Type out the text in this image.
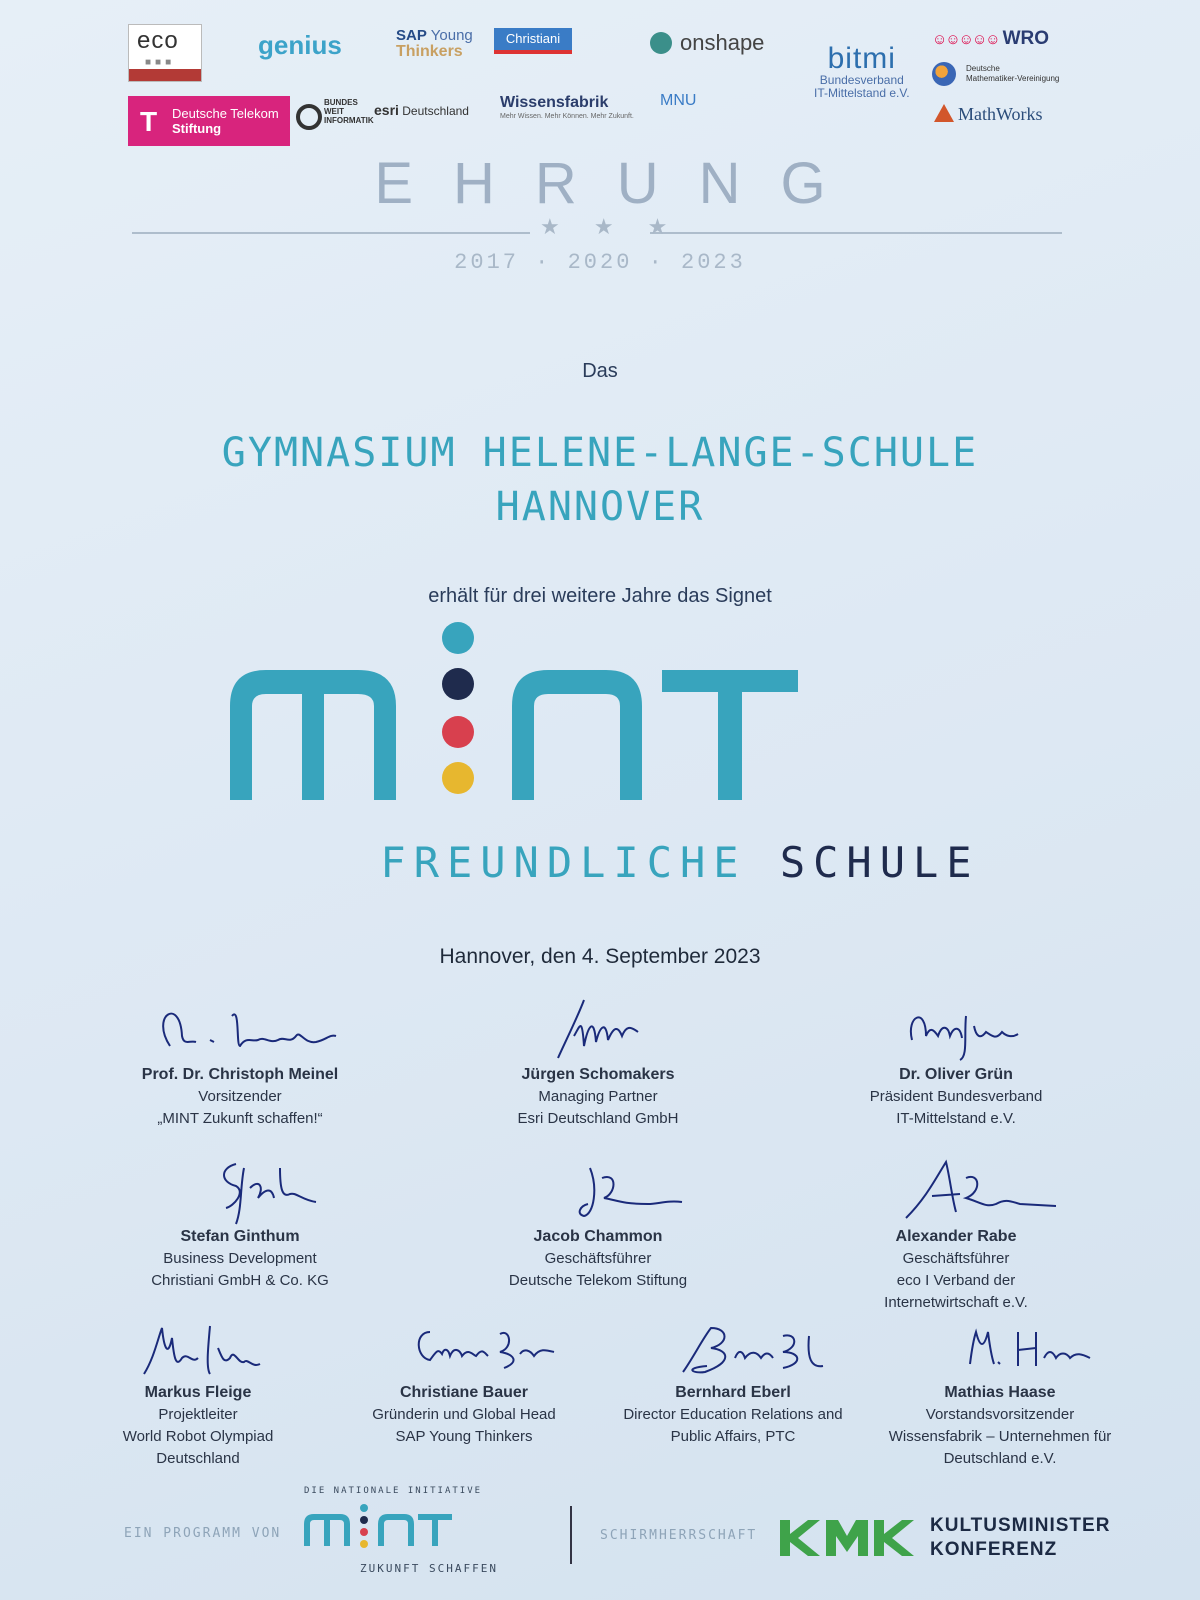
eco
■■■
genius	SAP Young
Thinkers
Christiani	onshape	bitmi
Bundesverband
IT-Mittelstand e.V.
☺☺☺☺☺ WRO
Deutsche
Mathematiker-Vereinigung
MathWorks
T Deutsche Telekom
Stiftung
BUNDES
WEIT
INFORMATIK
esri Deutschland Wissensfabrik
Mehr Wissen. Mehr Können. Mehr Zukunft.
MNU
EHRUNG
★ ★ ★
2017 · 2020 · 2023
Das
GYMNASIUM HELENE-LANGE-SCHULE
HANNOVER
erhält für drei weitere Jahre das Signet
FREUNDLICHE SCHULE
Hannover, den 4. September 2023
Prof. Dr. Christoph Meinel
Vorsitzender
„MINT Zukunft schaffen!“
Jürgen Schomakers
Managing Partner
Esri Deutschland GmbH
Dr. Oliver Grün
Präsident Bundesverband
IT-Mittelstand e.V.
Stefan Ginthum
Business Development
Christiani GmbH & Co. KG
Jacob Chammon
Geschäftsführer
Deutsche Telekom Stiftung
Alexander Rabe
Geschäftsführer
eco I Verband der
Internetwirtschaft e.V.
Markus Fleige
Projektleiter
World Robot Olympiad
Deutschland
Christiane Bauer
Gründerin und Global Head
SAP Young Thinkers
Bernhard Eberl
Director Education Relations and
Public Affairs, PTC
Mathias Haase
Vorstandsvorsitzender
Wissensfabrik – Unternehmen für
Deutschland e.V.
EIN PROGRAMM VON
DIE NATIONALE INITIATIVE
ZUKUNFT SCHAFFEN
SCHIRMHERRSCHAFT	KULTUSMINISTER
KONFERENZ
